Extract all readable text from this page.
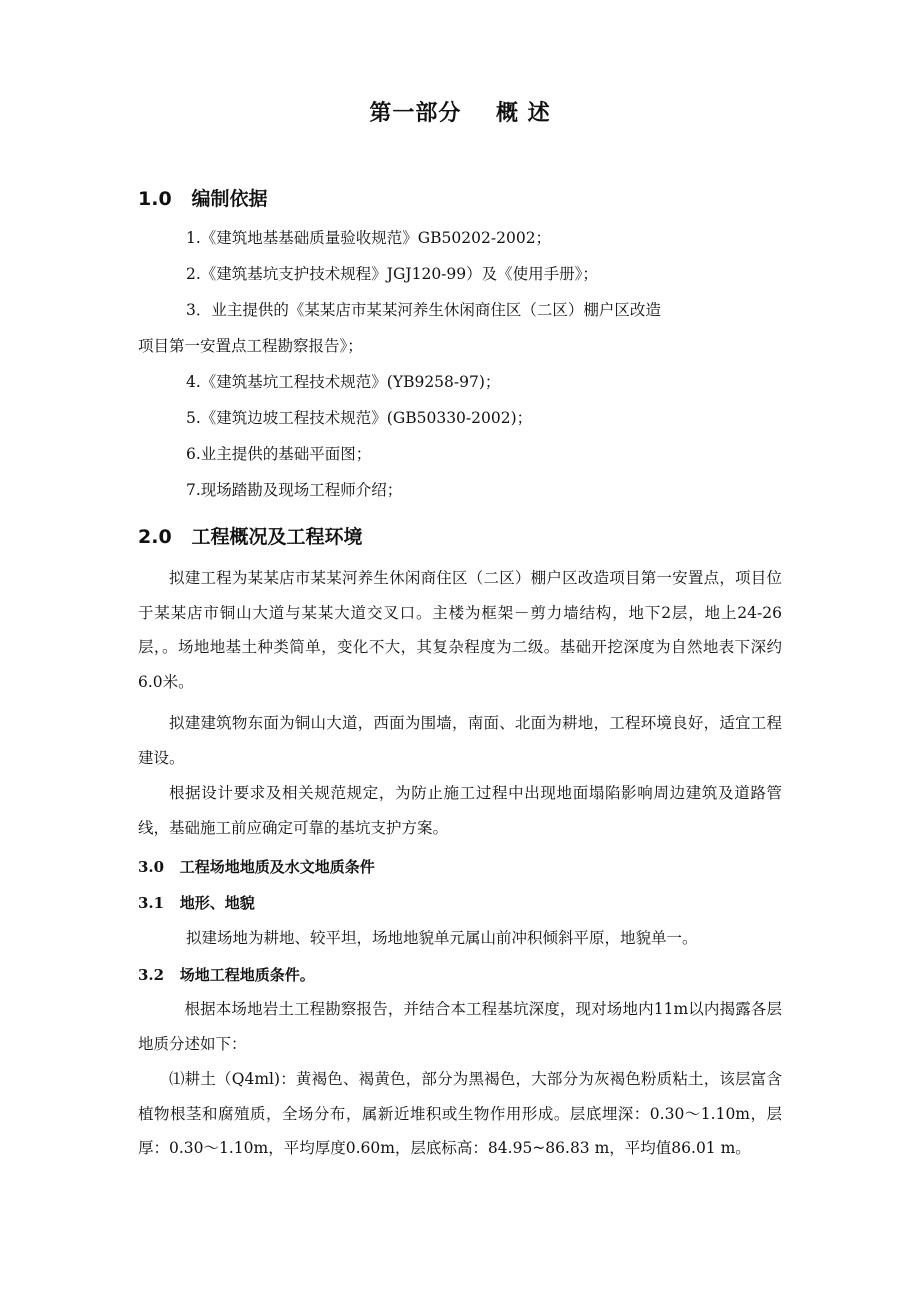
第一部分    概 述
1.0   编制依据

1.《建筑地基基础质量验收规范》GB50202-2002；

2.《建筑基坑支护技术规程》JGJ120-99）及《使用手册》；

3．业主提供的《某某店市某某河养生休闲商住区（二区）棚户区改造

项目第一安置点工程勘察报告》；

4.《建筑基坑工程技术规范》(YB9258-97)；

5.《建筑边坡工程技术规范》(GB50330-2002)；

6.业主提供的基础平面图；

7.现场踏勘及现场工程师介绍；

2.0   工程概况及工程环境

拟建工程为某某店市某某河养生休闲商住区（二区）棚户区改造项目第一安置点，项目位于某某店市铜山大道与某某大道交叉口。主楼为框架－剪力墙结构，地下2层，地上24-26层，。场地地基土种类简单，变化不大，其复杂程度为二级。基础开挖深度为自然地表下深约6.0米。

拟建建筑物东面为铜山大道，西面为围墙，南面、北面为耕地，工程环境良好，适宜工程建设。

根据设计要求及相关规范规定，为防止施工过程中出现地面塌陷影响周边建筑及道路管线，基础施工前应确定可靠的基坑支护方案。

3.0   工程场地地质及水文地质条件
3.1   地形、地貌

拟建场地为耕地、较平坦，场地地貌单元属山前冲积倾斜平原，地貌单一。

3.2   场地工程地质条件。

根据本场地岩土工程勘察报告，并结合本工程基坑深度，现对场地内11m以内揭露各层地质分述如下：

⑴耕土（Q4ml)：黄褐色、褐黄色，部分为黑褐色，大部分为灰褐色粉质粘土，该层富含植物根茎和腐殖质，全场分布，属新近堆积或生物作用形成。层底埋深：0.30～1.10m，层厚：0.30～1.10m，平均厚度0.60m，层底标高：84.95~86.83 m，平均值86.01 m。
